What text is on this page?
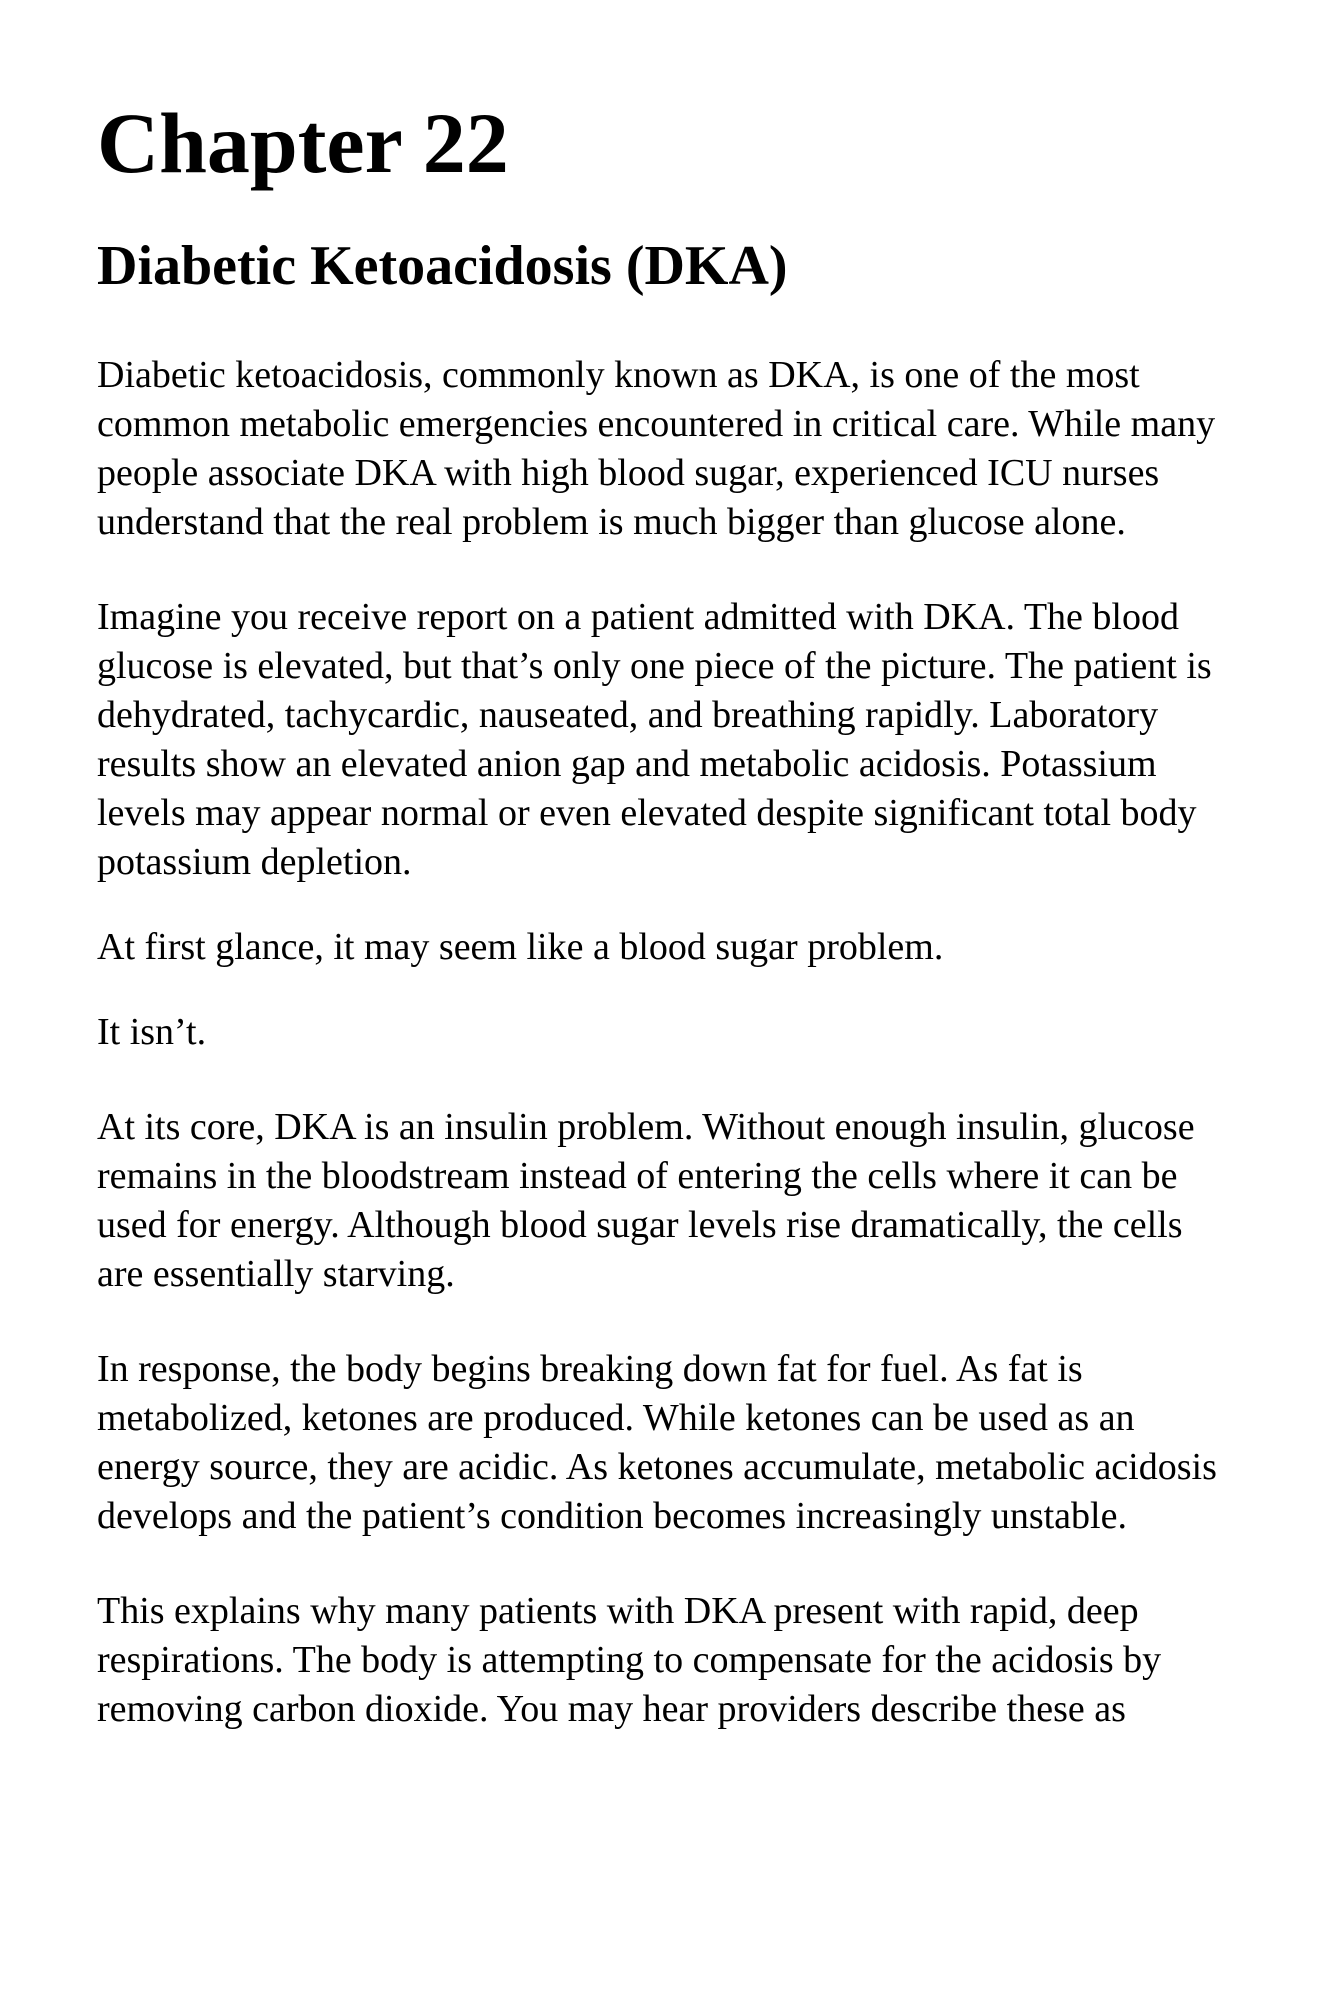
Chapter 22
Diabetic Ketoacidosis (DKA)

Diabetic ketoacidosis, commonly known as DKA, is one of the most common metabolic emergencies encountered in critical care. While many people associate DKA with high blood sugar, experienced ICU nurses understand that the real problem is much bigger than glucose alone.

Imagine you receive report on a patient admitted with DKA. The blood glucose is elevated, but that’s only one piece of the picture. The patient is dehydrated, tachycardic, nauseated, and breathing rapidly. Laboratory results show an elevated anion gap and metabolic acidosis. Potassium levels may appear normal or even elevated despite significant total body potassium depletion.

At first glance, it may seem like a blood sugar problem.

It isn’t.

At its core, DKA is an insulin problem. Without enough insulin, glucose remains in the bloodstream instead of entering the cells where it can be used for energy. Although blood sugar levels rise dramatically, the cells are essentially starving.

In response, the body begins breaking down fat for fuel. As fat is metabolized, ketones are produced. While ketones can be used as an energy source, they are acidic. As ketones accumulate, metabolic acidosis develops and the patient’s condition becomes increasingly unstable.

This explains why many patients with DKA present with rapid, deep respirations. The body is attempting to compensate for the acidosis by removing carbon dioxide. You may hear providers describe these as
